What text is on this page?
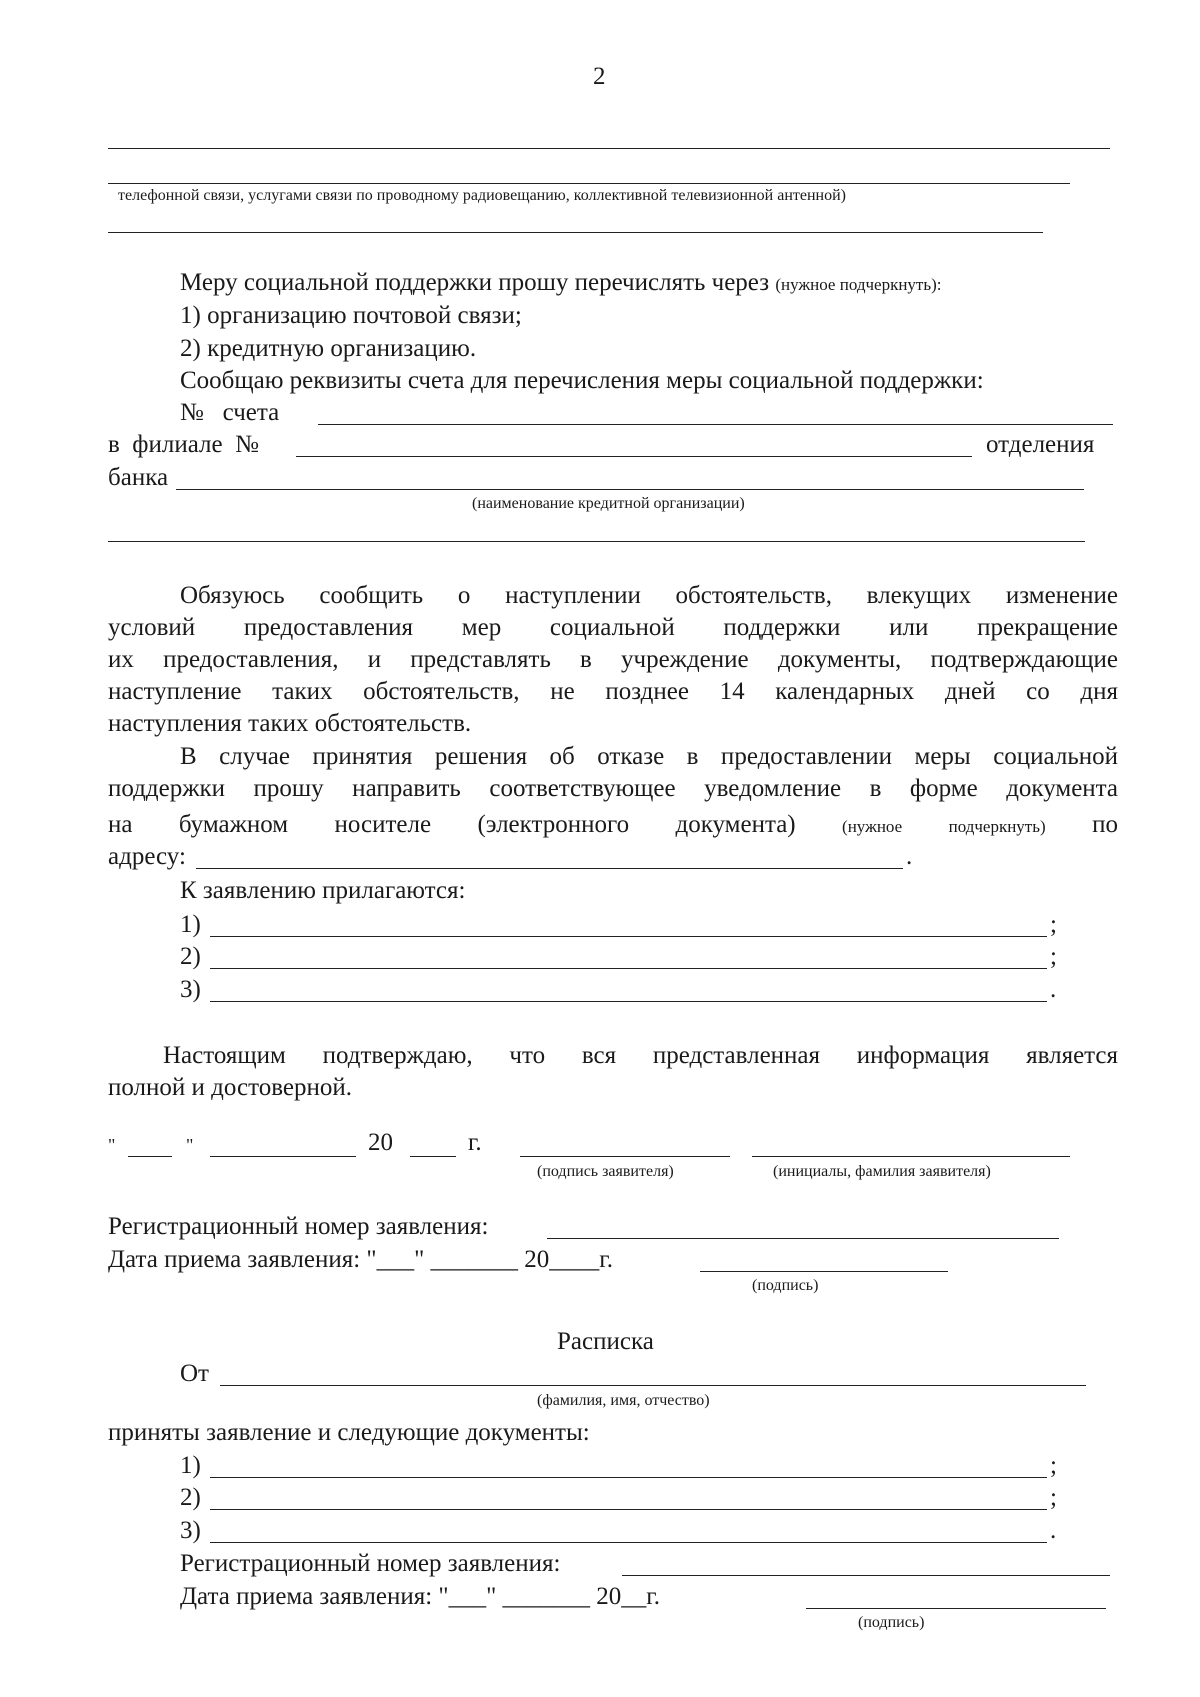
2
телефонной связи, услугами связи по проводному радиовещанию, коллективной телевизионной антенной)
Меру социальной поддержки прошу перечислять через (нужное подчеркнуть):
1) организацию почтовой связи;
2) кредитную организацию.
Сообщаю реквизиты счета для перечисления меры социальной поддержки:
№   счета
в  филиале  №	отделения
банка
(наименование кредитной организации)
Обязуюсь сообщить о наступлении обстоятельств, влекущих изменение
условий предоставления мер социальной поддержки или прекращение
их предоставления, и представлять в учреждение документы, подтверждающие
наступление таких обстоятельств, не позднее 14 календарных дней со дня
наступления таких обстоятельств.
В случае принятия решения об отказе в предоставлении меры социальной
поддержки прошу направить соответствующее уведомление в форме документа
на бумажном носителе (электронного документа)	(нужное	подчеркнуть) по
адресу:	.
К заявлению прилагаются:
1)	;
2)	;
3)	.
Настоящим подтверждаю, что вся представленная информация является
полной и достоверной.
"	"	20	г.
(подпись заявителя)	(инициалы, фамилия заявителя)
Регистрационный номер заявления:
Дата приема заявления: "___" _______ 20____г.
(подпись)
Расписка
От
(фамилия, имя, отчество)
приняты заявление и следующие документы:
1)	;
2)	;
3)	.
Регистрационный номер заявления:
Дата приема заявления: "___" _______ 20__г.
(подпись)
